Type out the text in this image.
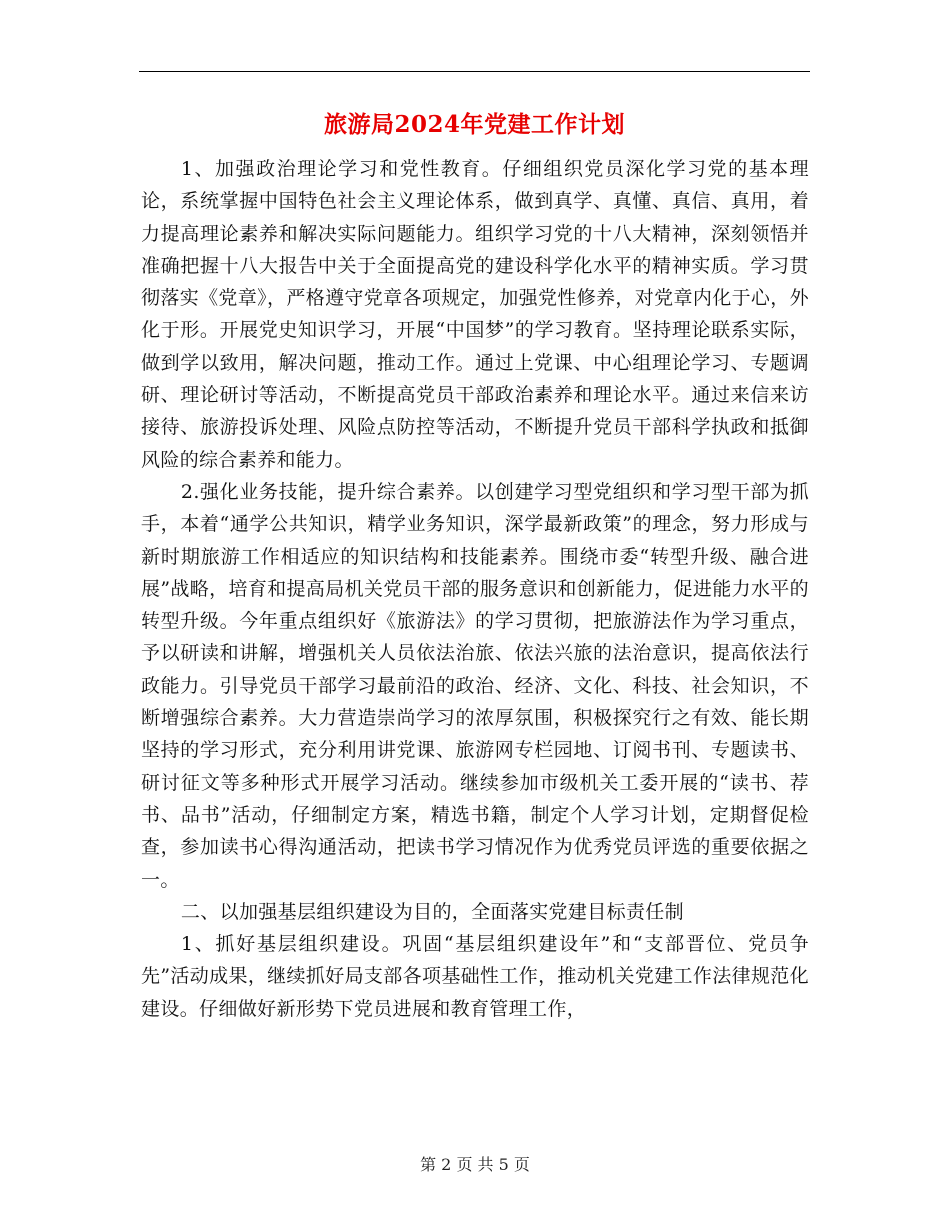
旅游局2024年党建工作计划

1、加强政治理论学习和党性教育。仔细组织党员深化学习党的基本理论，系统掌握中国特色社会主义理论体系，做到真学、真懂、真信、真用，着力提高理论素养和解决实际问题能力。组织学习党的十八大精神，深刻领悟并准确把握十八大报告中关于全面提高党的建设科学化水平的精神实质。学习贯彻落实《党章》，严格遵守党章各项规定，加强党性修养，对党章内化于心，外化于形。开展党史知识学习，开展“中国梦”的学习教育。坚持理论联系实际，做到学以致用，解决问题，推动工作。通过上党课、中心组理论学习、专题调研、理论研讨等活动，不断提高党员干部政治素养和理论水平。通过来信来访接待、旅游投诉处理、风险点防控等活动，不断提升党员干部科学执政和抵御风险的综合素养和能力。

2.强化业务技能，提升综合素养。以创建学习型党组织和学习型干部为抓手，本着“通学公共知识，精学业务知识，深学最新政策”的理念，努力形成与新时期旅游工作相适应的知识结构和技能素养。围绕市委“转型升级、融合进展”战略，培育和提高局机关党员干部的服务意识和创新能力，促进能力水平的转型升级。今年重点组织好《旅游法》的学习贯彻，把旅游法作为学习重点，予以研读和讲解，增强机关人员依法治旅、依法兴旅的法治意识，提高依法行政能力。引导党员干部学习最前沿的政治、经济、文化、科技、社会知识，不断增强综合素养。大力营造崇尚学习的浓厚氛围，积极探究行之有效、能长期坚持的学习形式，充分利用讲党课、旅游网专栏园地、订阅书刊、专题读书、研讨征文等多种形式开展学习活动。继续参加市级机关工委开展的“读书、荐书、品书”活动，仔细制定方案，精选书籍，制定个人学习计划，定期督促检查，参加读书心得沟通活动，把读书学习情况作为优秀党员评选的重要依据之一。

二、以加强基层组织建设为目的，全面落实党建目标责任制

1、抓好基层组织建设。巩固“基层组织建设年”和“支部晋位、党员争先”活动成果，继续抓好局支部各项基础性工作，推动机关党建工作法律规范化建设。仔细做好新形势下党员进展和教育管理工作，

第 2 页 共 5 页
